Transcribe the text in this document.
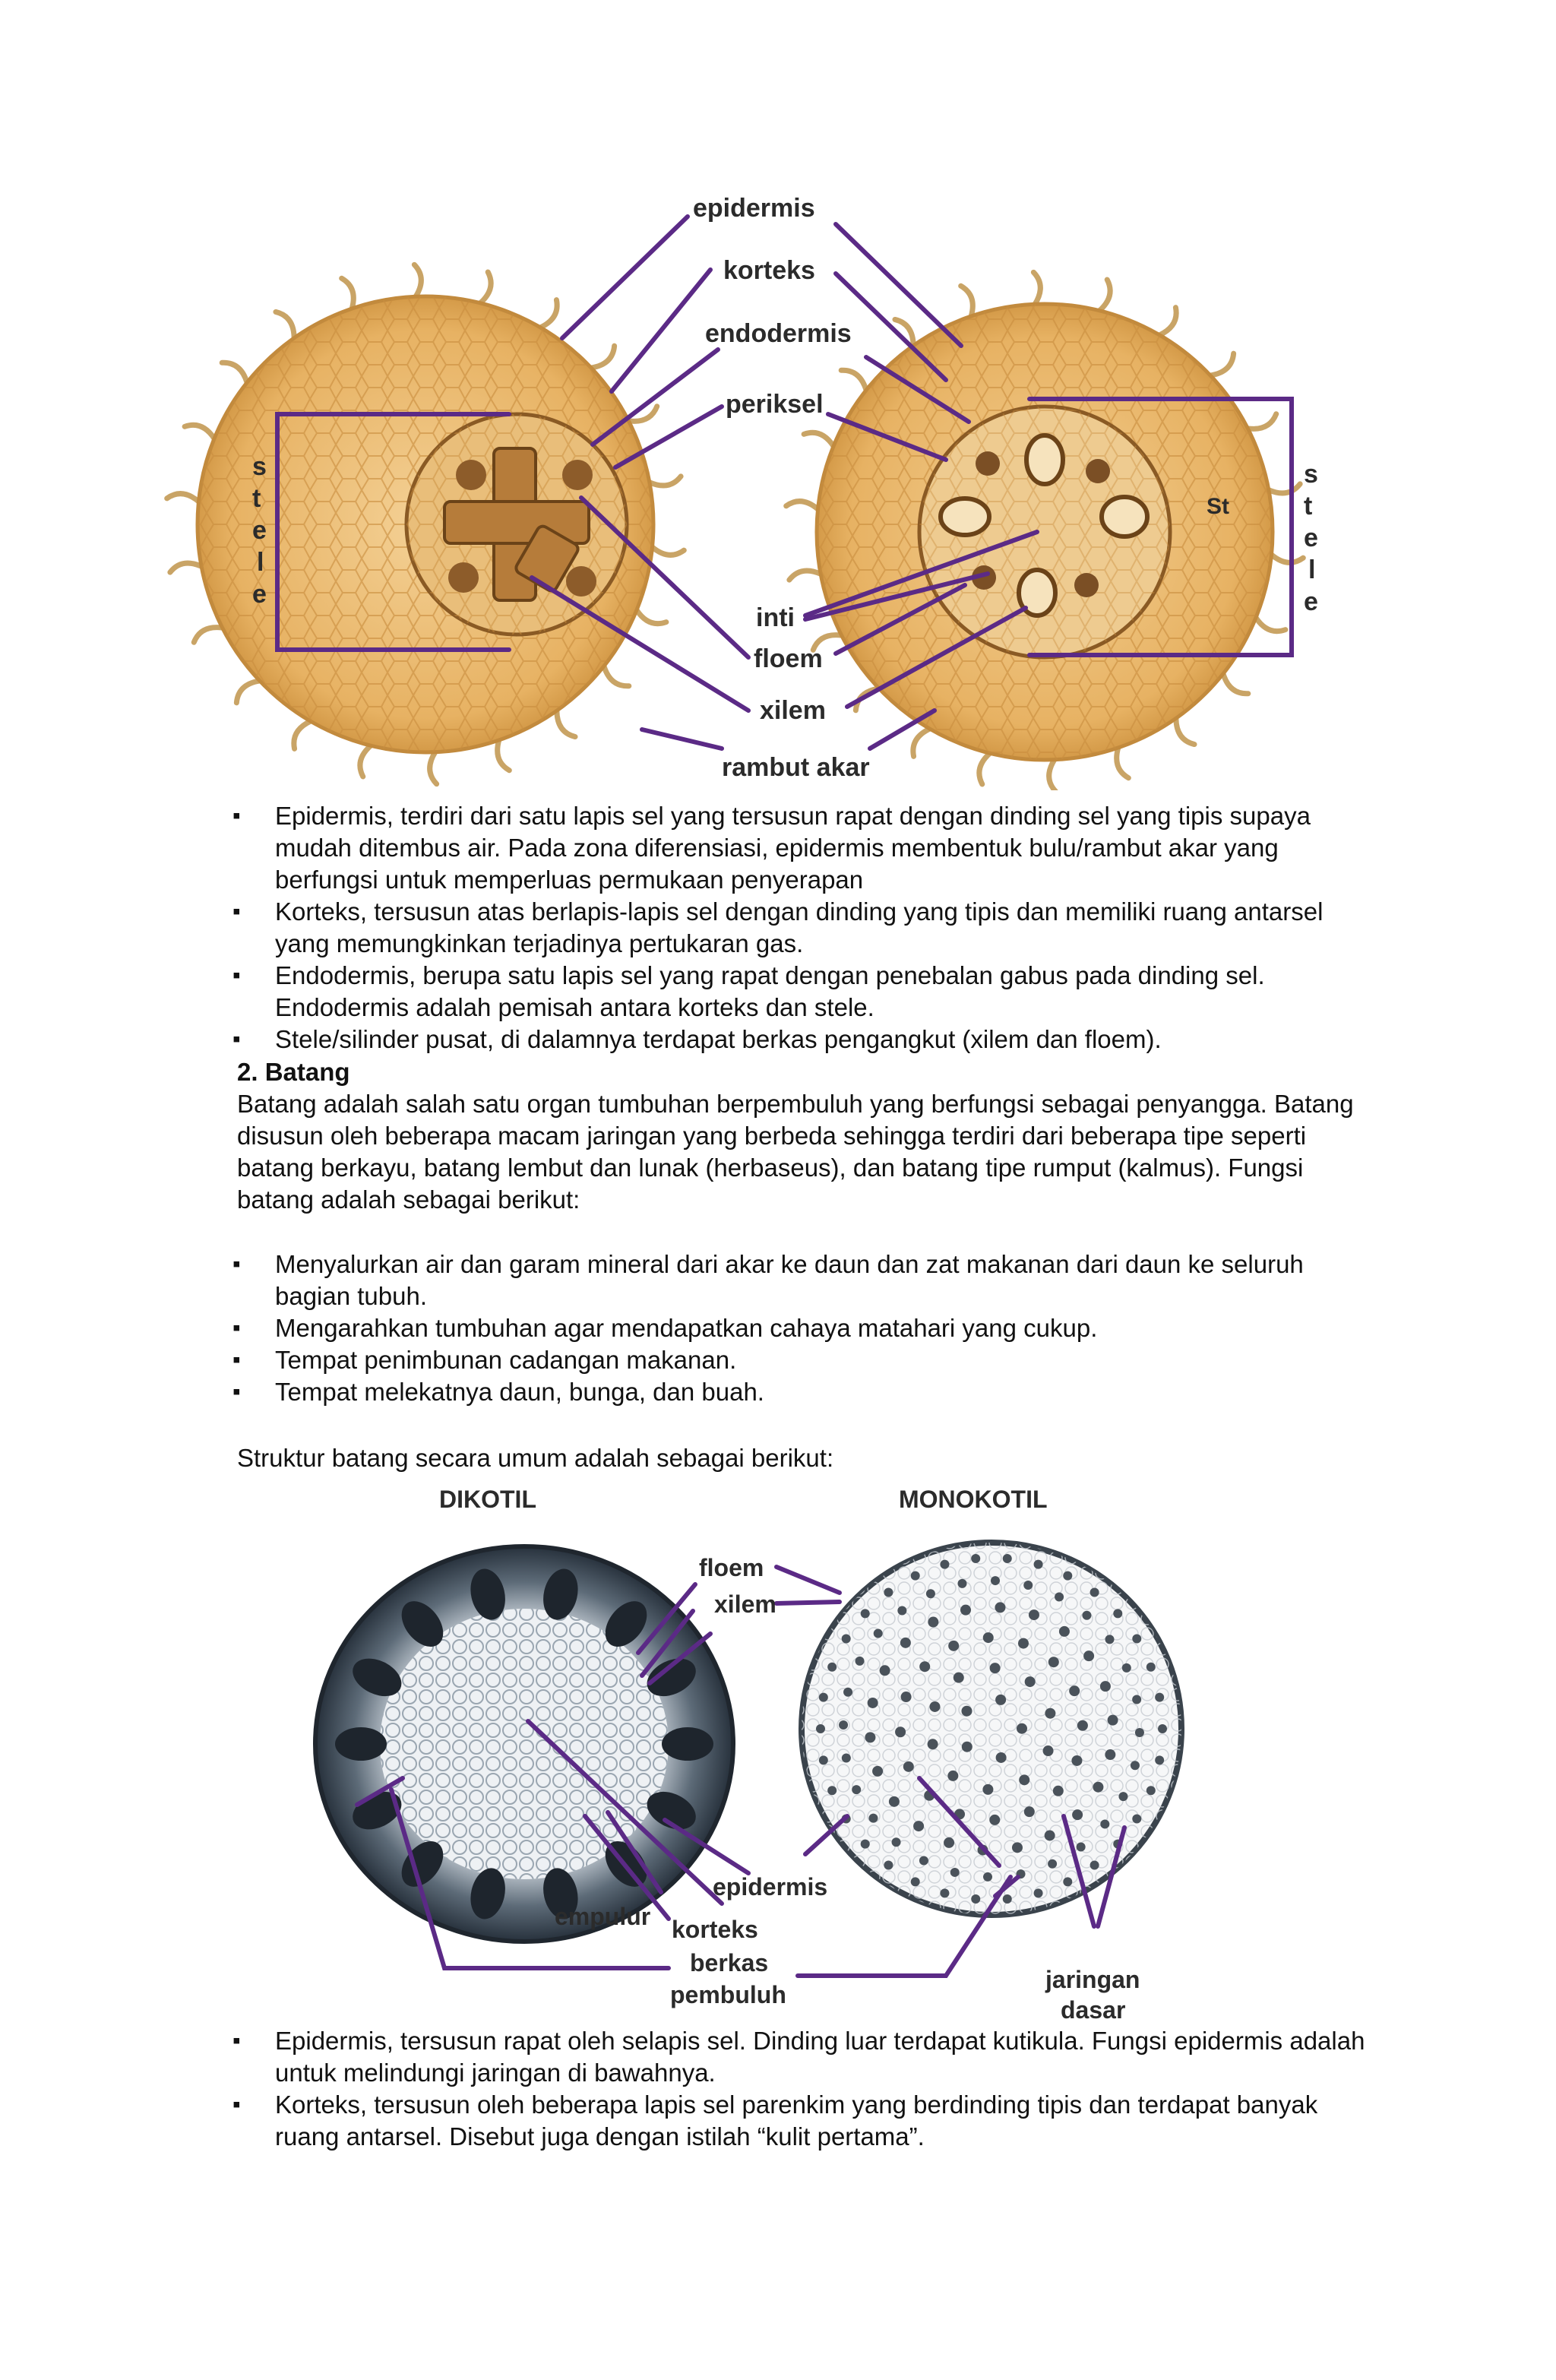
epidermis
korteks
endodermis
periksel
inti
floem
xilem
rambut akar
St
s
t
e
l
e
s
t
e
l
e
▪ Epidermis, terdiri dari satu lapis sel yang tersusun rapat dengan dinding sel yang tipis supaya mudah ditembus air. Pada zona diferensiasi, epidermis membentuk bulu/rambut akar yang berfungsi untuk memperluas permukaan penyerapan
▪ Korteks, tersusun atas berlapis-lapis sel dengan dinding yang tipis dan memiliki ruang antarsel yang memungkinkan terjadinya pertukaran gas.
▪ Endodermis, berupa satu lapis sel yang rapat dengan penebalan gabus pada dinding sel. Endodermis adalah pemisah antara korteks dan stele.
▪ Stele/silinder pusat, di dalamnya terdapat berkas pengangkut (xilem dan floem).
2. Batang

Batang adalah salah satu organ tumbuhan berpembuluh yang berfungsi sebagai penyangga. Batang disusun oleh beberapa macam jaringan yang berbeda sehingga terdiri dari beberapa tipe seperti batang berkayu, batang lembut dan lunak (herbaseus), dan batang tipe rumput (kalmus). Fungsi batang adalah sebagai berikut:

▪ Menyalurkan air dan garam mineral dari akar ke daun dan zat makanan dari daun ke seluruh bagian tubuh.
▪ Mengarahkan tumbuhan agar mendapatkan cahaya matahari yang cukup.
▪ Tempat penimbunan cadangan makanan.
▪ Tempat melekatnya daun, bunga, dan buah.

Struktur batang secara umum adalah sebagai berikut:

DIKOTIL	MONOKOTIL
floem
xilem
epidermis
empulur korteks
berkas
pembuluh
jaringan
dasar
▪ Epidermis, tersusun rapat oleh selapis sel. Dinding luar terdapat kutikula. Fungsi epidermis adalah untuk melindungi jaringan di bawahnya.
▪ Korteks, tersusun oleh beberapa lapis sel parenkim yang berdinding tipis dan terdapat banyak ruang antarsel. Disebut juga dengan istilah “kulit pertama”.
